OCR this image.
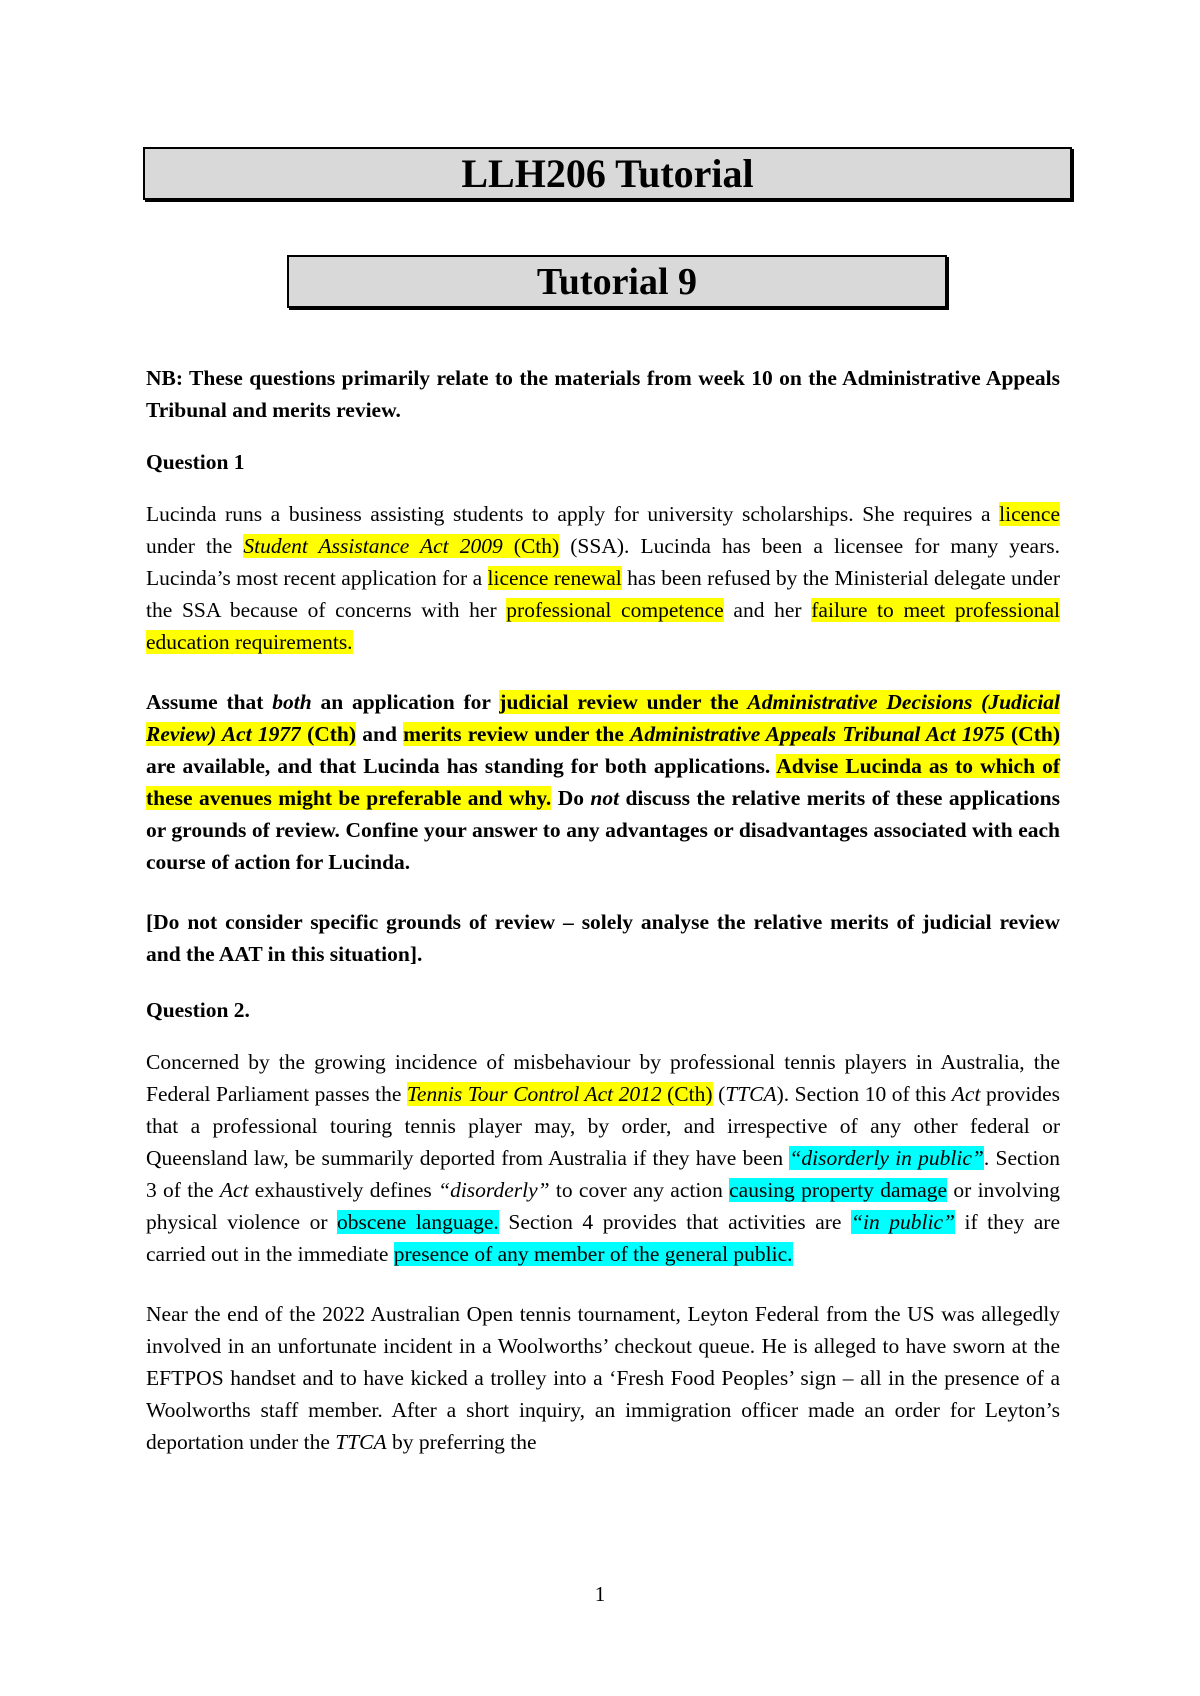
LLH206 Tutorial
Tutorial 9

NB: These questions primarily relate to the materials from week 10 on the Administrative Appeals Tribunal and merits review.

Question 1

Lucinda runs a business assisting students to apply for university scholarships. She requires a licence under the Student Assistance Act 2009 (Cth) (SSA). Lucinda has been a licensee for many years. Lucinda’s most recent application for a licence renewal has been refused by the Ministerial delegate under the SSA because of concerns with her professional competence and her failure to meet professional education requirements.

Assume that both an application for judicial review under the Administrative Decisions (Judicial Review) Act 1977 (Cth) and merits review under the Administrative Appeals Tribunal Act 1975 (Cth) are available, and that Lucinda has standing for both applications. Advise Lucinda as to which of these avenues might be preferable and why. Do not discuss the relative merits of these applications or grounds of review. Confine your answer to any advantages or disadvantages associated with each course of action for Lucinda.

[Do not consider specific grounds of review – solely analyse the relative merits of judicial review and the AAT in this situation].

Question 2.

Concerned by the growing incidence of misbehaviour by professional tennis players in Australia, the Federal Parliament passes the Tennis Tour Control Act 2012 (Cth) (TTCA). Section 10 of this Act provides that a professional touring tennis player may, by order, and irrespective of any other federal or Queensland law, be summarily deported from Australia if they have been “disorderly in public”. Section 3 of the Act exhaustively defines “disorderly” to cover any action causing property damage or involving physical violence or obscene language. Section 4 provides that activities are “in public” if they are carried out in the immediate presence of any member of the general public.

Near the end of the 2022 Australian Open tennis tournament, Leyton Federal from the US was allegedly involved in an unfortunate incident in a Woolworths’ checkout queue. He is alleged to have sworn at the EFTPOS handset and to have kicked a trolley into a ‘Fresh Food Peoples’ sign – all in the presence of a Woolworths staff member. After a short inquiry, an immigration officer made an order for Leyton’s deportation under the TTCA by preferring the

1
